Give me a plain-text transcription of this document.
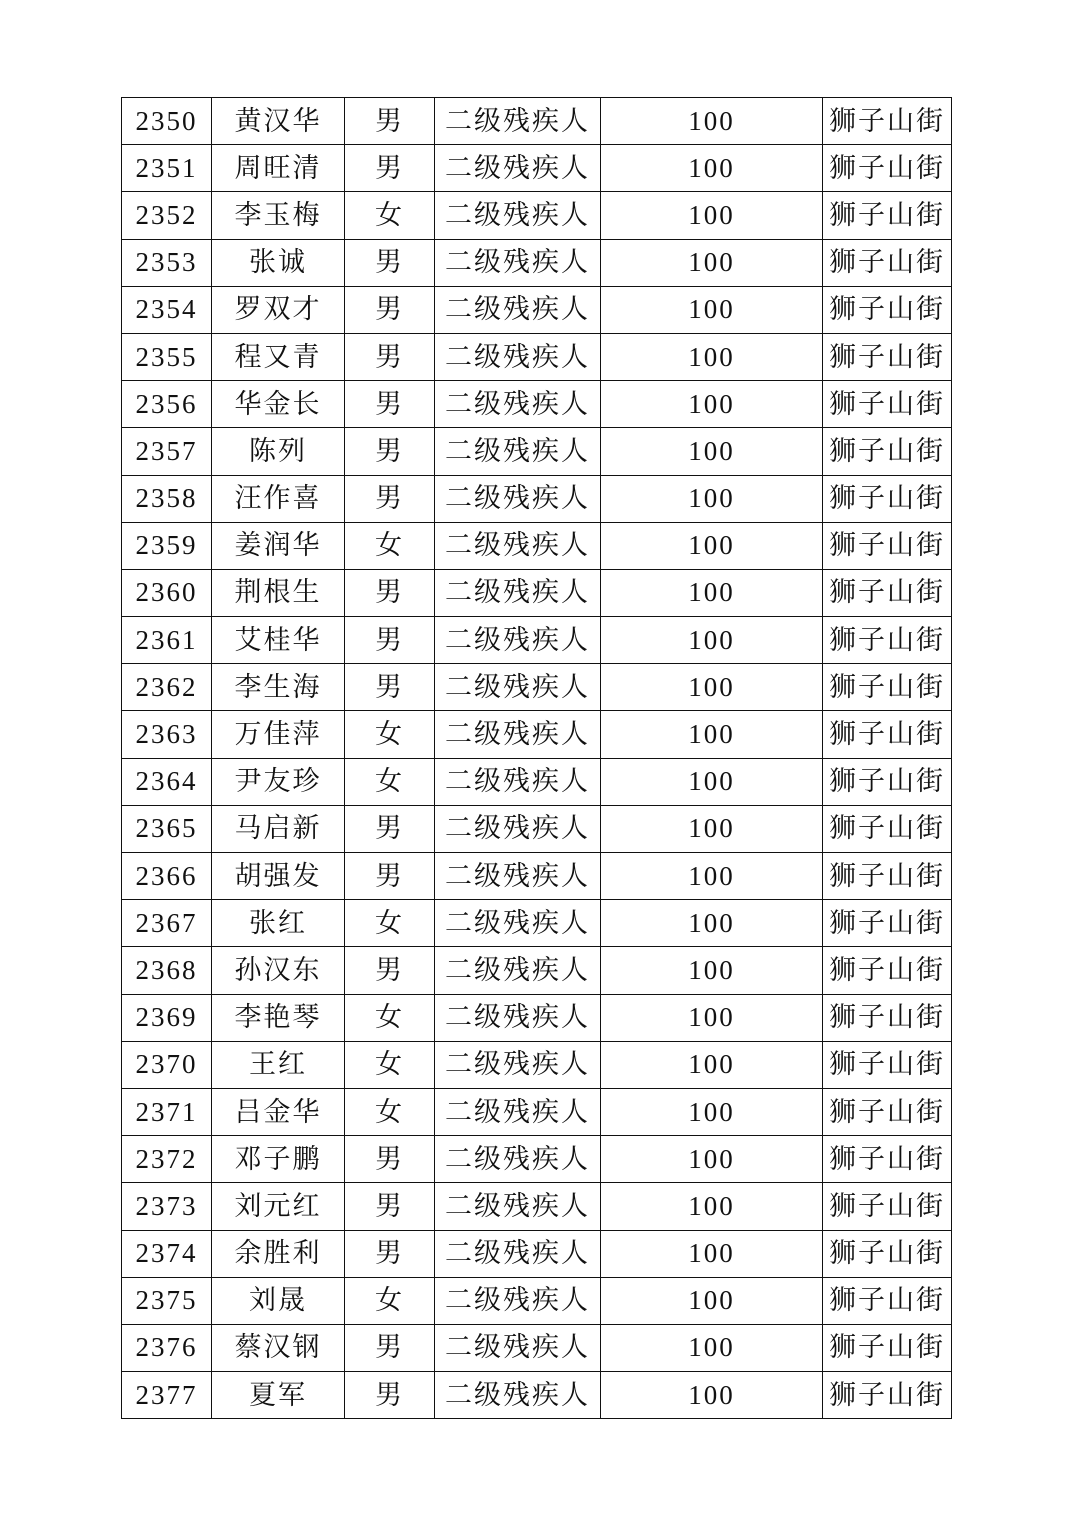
2350	黄汉华	男	二级残疾人	100	狮子山街
2351	周旺清	男	二级残疾人	100	狮子山街
2352	李玉梅	女	二级残疾人	100	狮子山街
2353	张诚	男	二级残疾人	100	狮子山街
2354	罗双才	男	二级残疾人	100	狮子山街
2355	程又青	男	二级残疾人	100	狮子山街
2356	华金长	男	二级残疾人	100	狮子山街
2357	陈列	男	二级残疾人	100	狮子山街
2358	汪作喜	男	二级残疾人	100	狮子山街
2359	姜润华	女	二级残疾人	100	狮子山街
2360	荆根生	男	二级残疾人	100	狮子山街
2361	艾桂华	男	二级残疾人	100	狮子山街
2362	李生海	男	二级残疾人	100	狮子山街
2363	万佳萍	女	二级残疾人	100	狮子山街
2364	尹友珍	女	二级残疾人	100	狮子山街
2365	马启新	男	二级残疾人	100	狮子山街
2366	胡强发	男	二级残疾人	100	狮子山街
2367	张红	女	二级残疾人	100	狮子山街
2368	孙汉东	男	二级残疾人	100	狮子山街
2369	李艳琴	女	二级残疾人	100	狮子山街
2370	王红	女	二级残疾人	100	狮子山街
2371	吕金华	女	二级残疾人	100	狮子山街
2372	邓子鹏	男	二级残疾人	100	狮子山街
2373	刘元红	男	二级残疾人	100	狮子山街
2374	余胜利	男	二级残疾人	100	狮子山街
2375	刘晟	女	二级残疾人	100	狮子山街
2376	蔡汉钢	男	二级残疾人	100	狮子山街
2377	夏军	男	二级残疾人	100	狮子山街
